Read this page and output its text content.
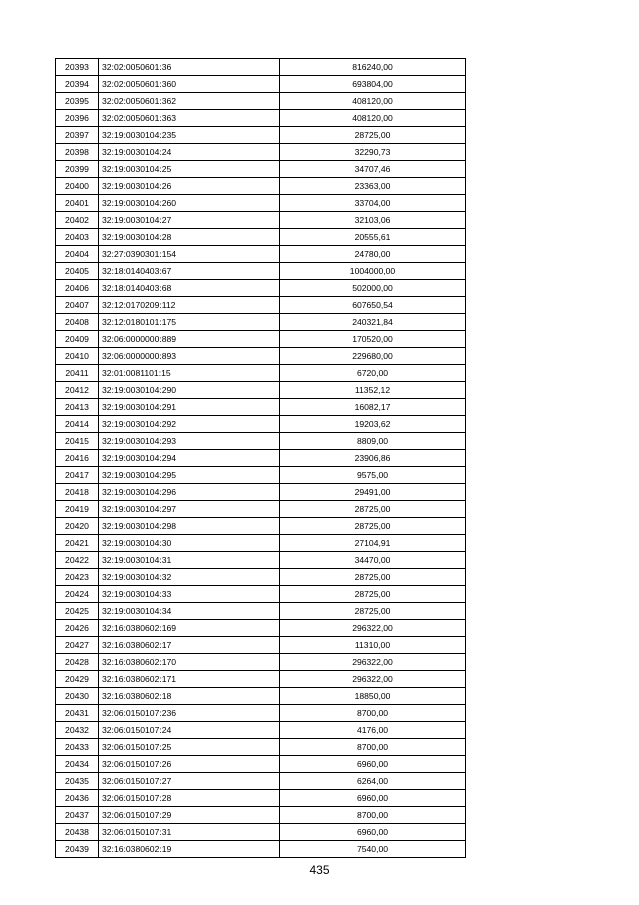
20393	32:02:0050601:36	816240,00
20394	32:02:0050601:360	693804,00
20395	32:02:0050601:362	408120,00
20396	32:02:0050601:363	408120,00
20397	32:19:0030104:235	28725,00
20398	32:19:0030104:24	32290,73
20399	32:19:0030104:25	34707,46
20400	32:19:0030104:26	23363,00
20401	32:19:0030104:260	33704,00
20402	32:19:0030104:27	32103,06
20403	32:19:0030104:28	20555,61
20404	32:27:0390301:154	24780,00
20405	32:18:0140403:67	1004000,00
20406	32:18:0140403:68	502000,00
20407	32:12:0170209:112	607650,54
20408	32:12:0180101:175	240321,84
20409	32:06:0000000:889	170520,00
20410	32:06:0000000:893	229680,00
20411	32:01:0081101:15	6720,00
20412	32:19:0030104:290	11352,12
20413	32:19:0030104:291	16082,17
20414	32:19:0030104:292	19203,62
20415	32:19:0030104:293	8809,00
20416	32:19:0030104:294	23906,86
20417	32:19:0030104:295	9575,00
20418	32:19:0030104:296	29491,00
20419	32:19:0030104:297	28725,00
20420	32:19:0030104:298	28725,00
20421	32:19:0030104:30	27104,91
20422	32:19:0030104:31	34470,00
20423	32:19:0030104:32	28725,00
20424	32:19:0030104:33	28725,00
20425	32:19:0030104:34	28725,00
20426	32:16:0380602:169	296322,00
20427	32:16:0380602:17	11310,00
20428	32:16:0380602:170	296322,00
20429	32:16:0380602:171	296322,00
20430	32:16:0380602:18	18850,00
20431	32:06:0150107:236	8700,00
20432	32:06:0150107:24	4176,00
20433	32:06:0150107:25	8700,00
20434	32:06:0150107:26	6960,00
20435	32:06:0150107:27	6264,00
20436	32:06:0150107:28	6960,00
20437	32:06:0150107:29	8700,00
20438	32:06:0150107:31	6960,00
20439	32:16:0380602:19	7540,00
435
